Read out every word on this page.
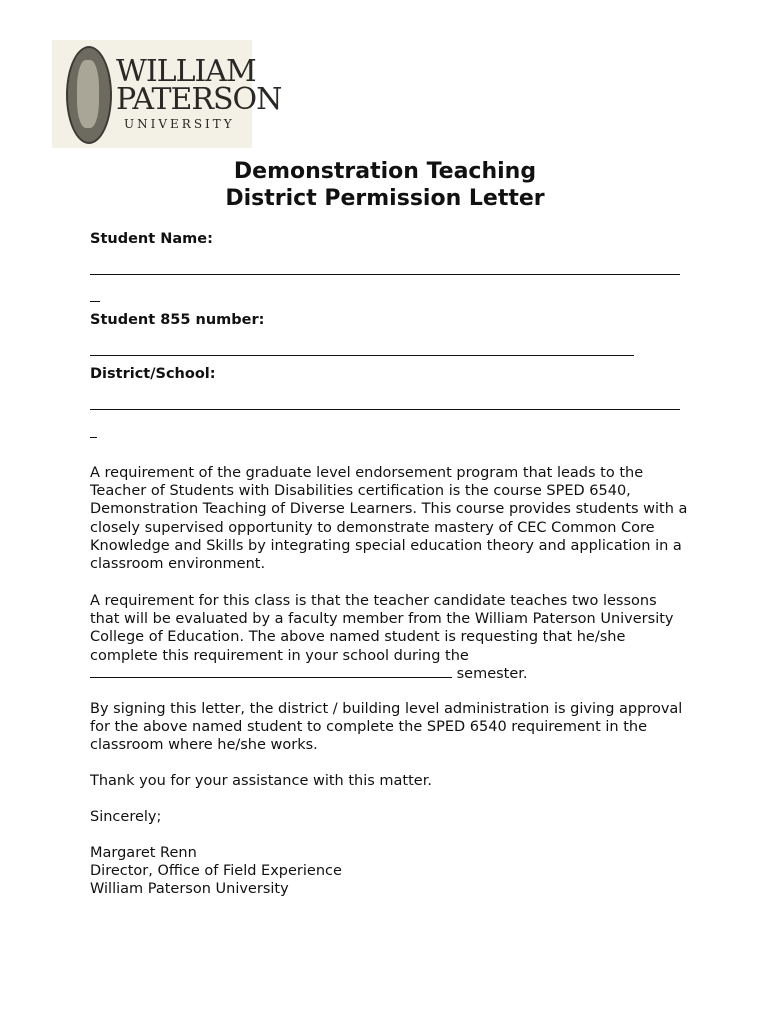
WILLIAM
PATERSON
UNIVERSITY
Demonstration Teaching
District Permission Letter
Student Name:
Student 855 number:
District/School:

A requirement of the graduate level endorsement program that leads to the Teacher of Students with Disabilities certification is the course SPED 6540, Demonstration Teaching of Diverse Learners. This course provides students with a closely supervised opportunity to demonstrate mastery of CEC Common Core Knowledge and Skills by integrating special education theory and application in a classroom environment.

A requirement for this class is that the teacher candidate teaches two lessons that will be evaluated by a faculty member from the William Paterson University College of Education. The above named student is requesting that he/she complete this requirement in your school during the
semester.

By signing this letter, the district / building level administration is giving approval for the above named student to complete the SPED 6540 requirement in the classroom where he/she works.

Thank you for your assistance with this matter.

Sincerely;

Margaret Renn
Director, Office of Field Experience
William Paterson University
